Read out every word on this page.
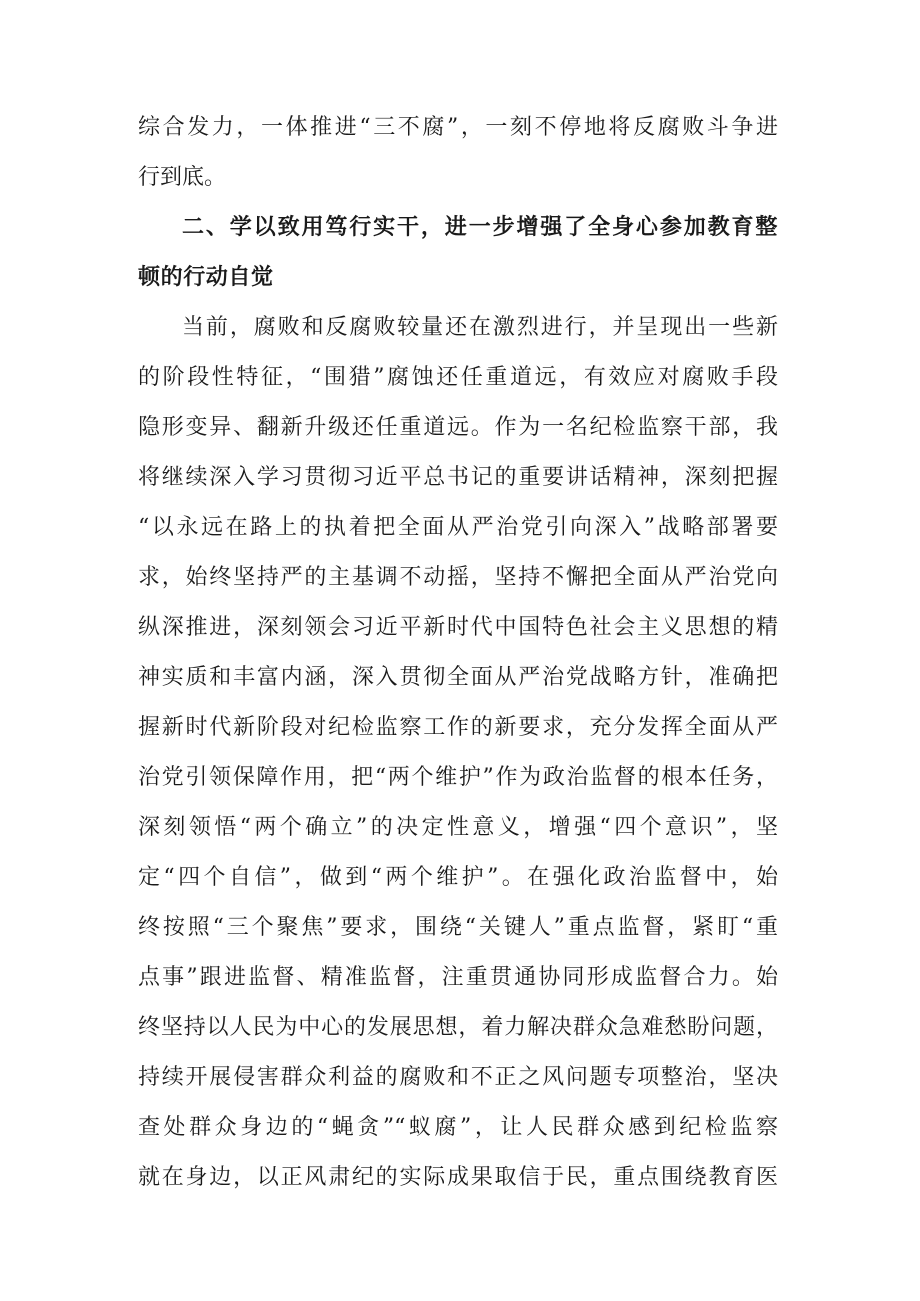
综合发力，一体推进“三不腐”，一刻不停地将反腐败斗争进
行到底。
二、学以致用笃行实干，进一步增强了全身心参加教育整
顿的行动自觉
当前，腐败和反腐败较量还在激烈进行，并呈现出一些新
的阶段性特征，“围猎”腐蚀还任重道远，有效应对腐败手段
隐形变异、翻新升级还任重道远。作为一名纪检监察干部，我
将继续深入学习贯彻习近平总书记的重要讲话精神，深刻把握
“以永远在路上的执着把全面从严治党引向深入”战略部署要
求，始终坚持严的主基调不动摇，坚持不懈把全面从严治党向
纵深推进，深刻领会习近平新时代中国特色社会主义思想的精
神实质和丰富内涵，深入贯彻全面从严治党战略方针，准确把
握新时代新阶段对纪检监察工作的新要求，充分发挥全面从严
治党引领保障作用，把“两个维护”作为政治监督的根本任务，
深刻领悟“两个确立”的决定性意义，增强“四个意识”，坚
定“四个自信”，做到“两个维护”。在强化政治监督中，始
终按照“三个聚焦”要求，围绕“关键人”重点监督，紧盯“重
点事”跟进监督、精准监督，注重贯通协同形成监督合力。始
终坚持以人民为中心的发展思想，着力解决群众急难愁盼问题，
持续开展侵害群众利益的腐败和不正之风问题专项整治，坚决
查处群众身边的“蝇贪”“蚁腐”，让人民群众感到纪检监察
就在身边，以正风肃纪的实际成果取信于民，重点围绕教育医
